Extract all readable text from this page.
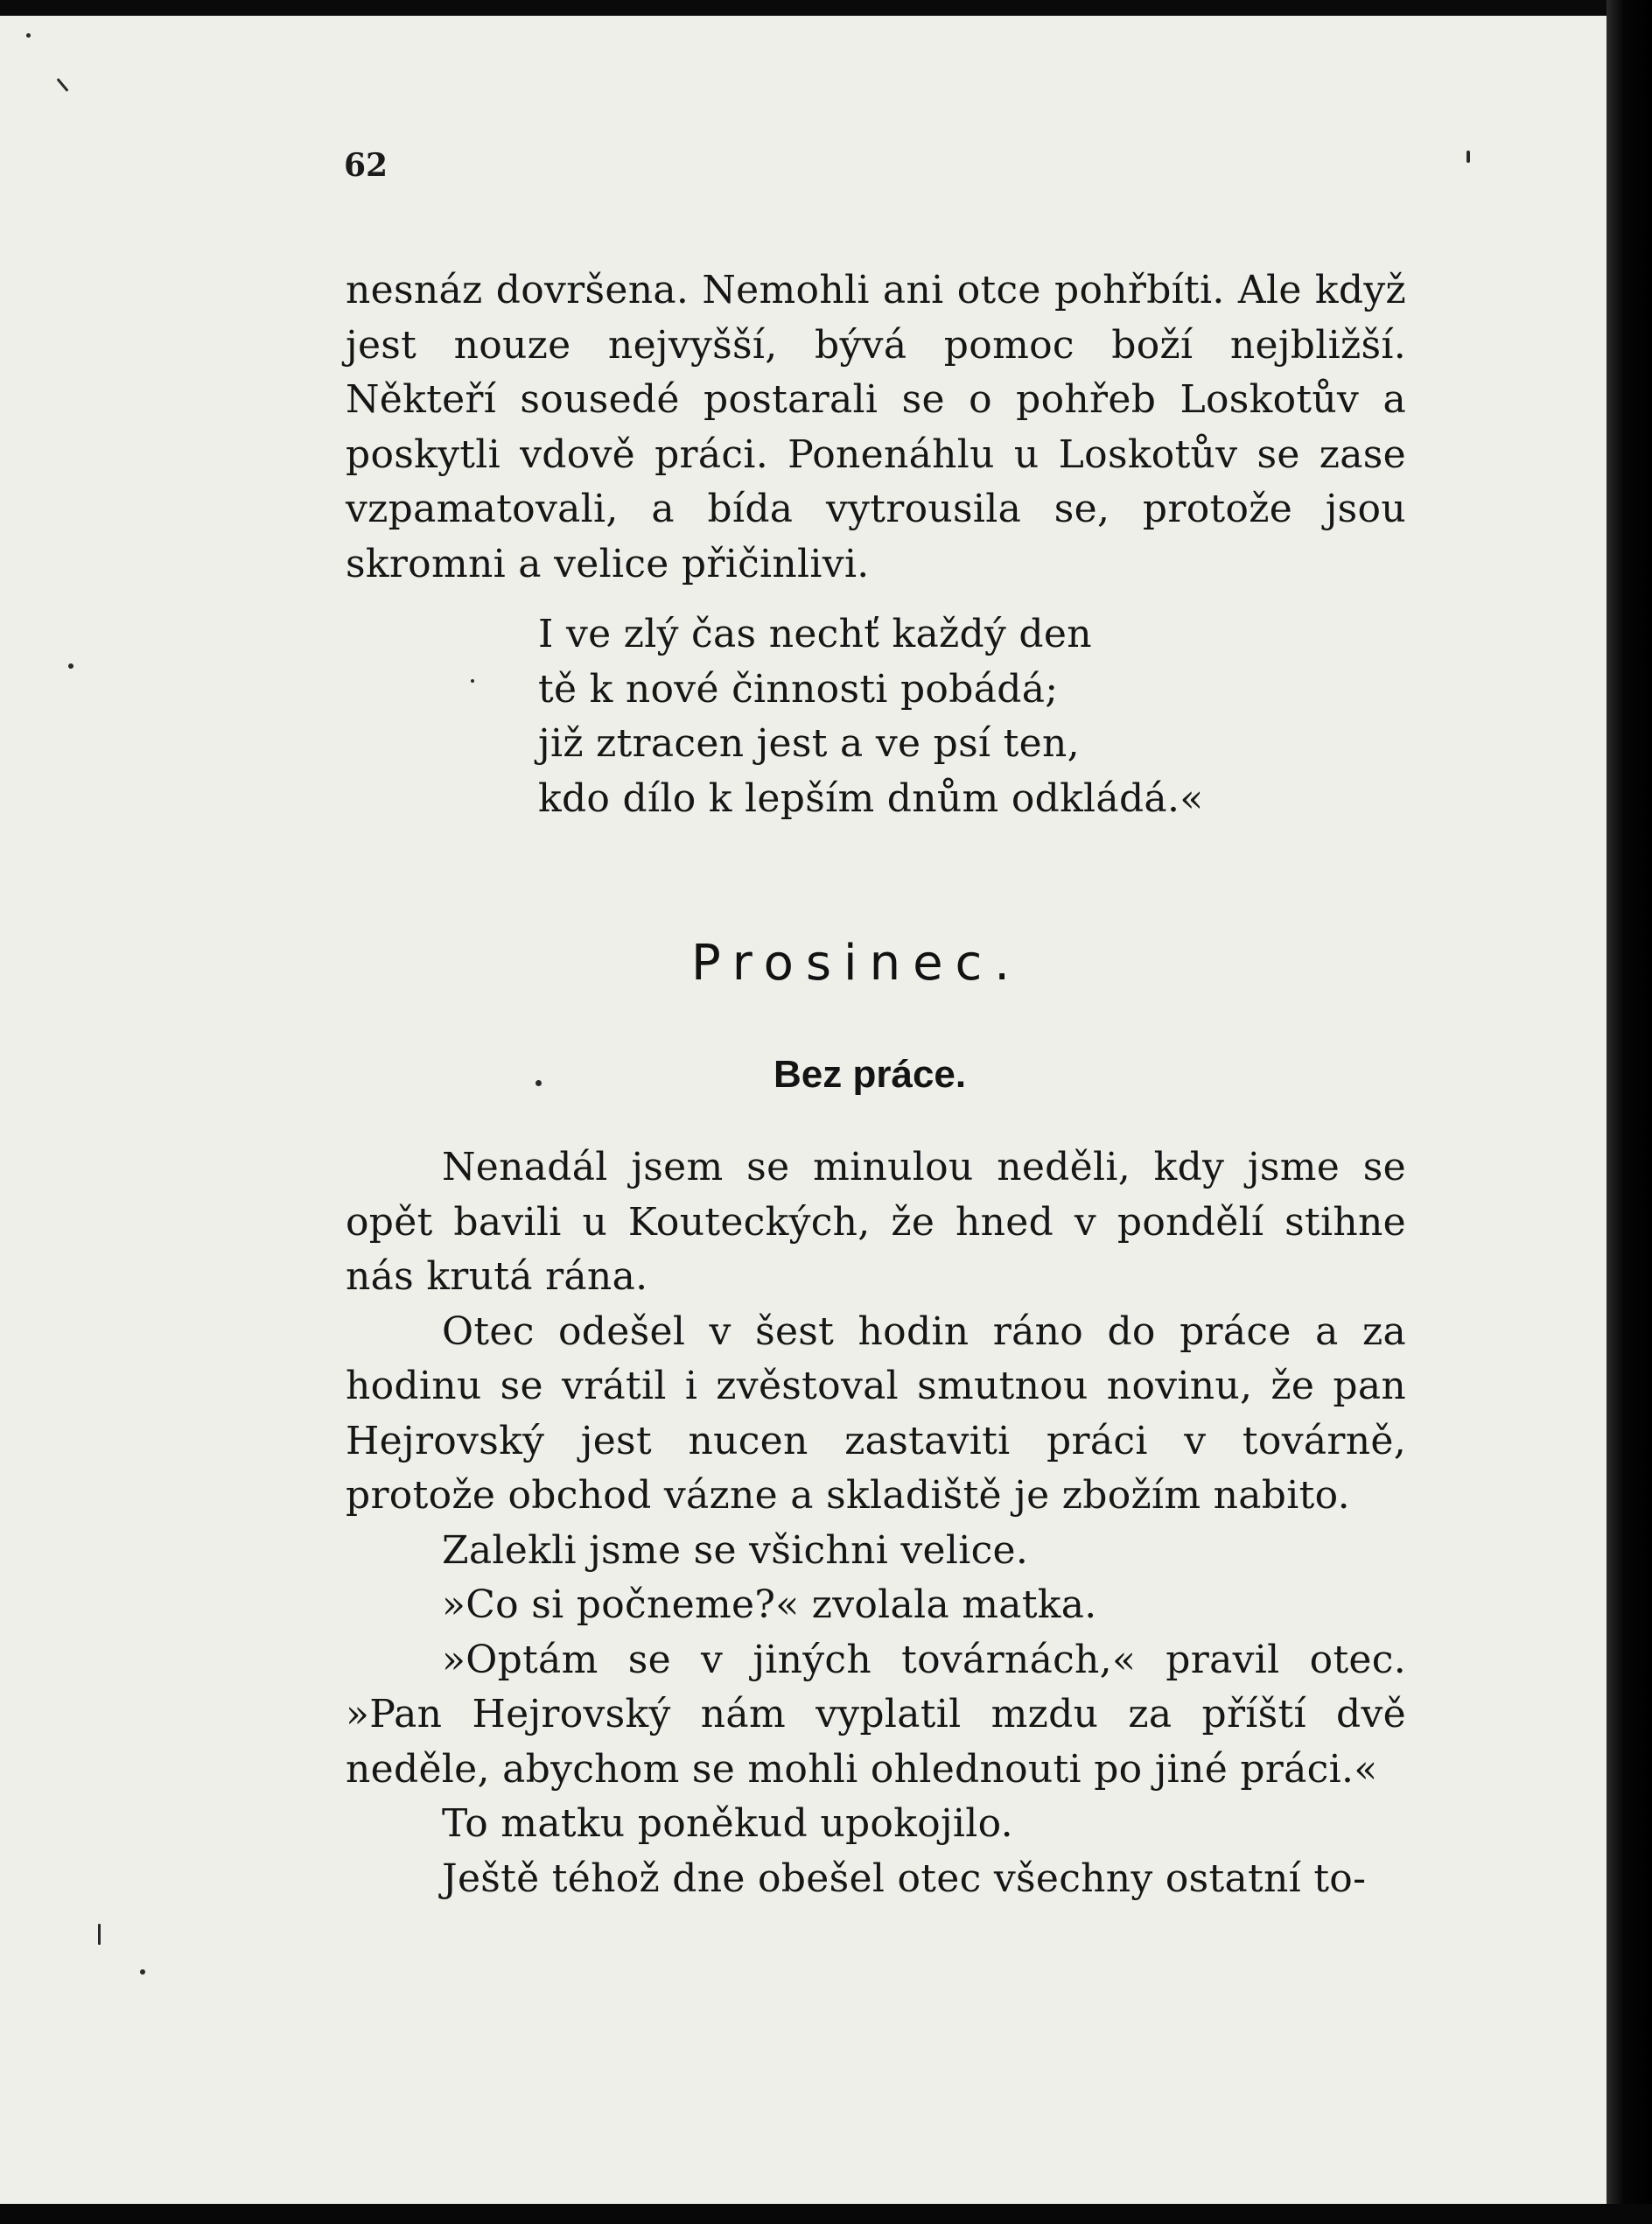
62

nesnáz dovršena. Nemohli ani otce pohřbíti. Ale když jest nouze nejvyšší, bývá pomoc boží nejbližší. Někteří sousedé postarali se o pohřeb Loskotův a poskytli vdově práci. Ponenáhlu u Loskotův se zase vzpamatovali, a bída vytrousila se, protože jsou skromni a velice přičinlivi.

I ve zlý čas nechť každý den
tě k nové činnosti pobádá;
již ztracen jest a ve psí ten,
kdo dílo k lepším dnům odkládá.«
Prosinec.
Bez práce.

Nenadál jsem se minulou neděli, kdy jsme se opět bavili u Kouteckých, že hned v pondělí stihne nás krutá rána.

Otec odešel v šest hodin ráno do práce a za hodinu se vrátil i zvěstoval smutnou novinu, že pan Hejrovský jest nucen zastaviti práci v továrně, protože obchod vázne a skladiště je zbožím nabito.

Zalekli jsme se všichni velice.

»Co si počneme?« zvolala matka.

»Optám se v jiných továrnách,« pravil otec. »Pan Hejrovský nám vyplatil mzdu za příští dvě neděle, abychom se mohli ohlednouti po jiné práci.«

To matku poněkud upokojilo.

Ještě téhož dne obešel otec všechny ostatní to-
